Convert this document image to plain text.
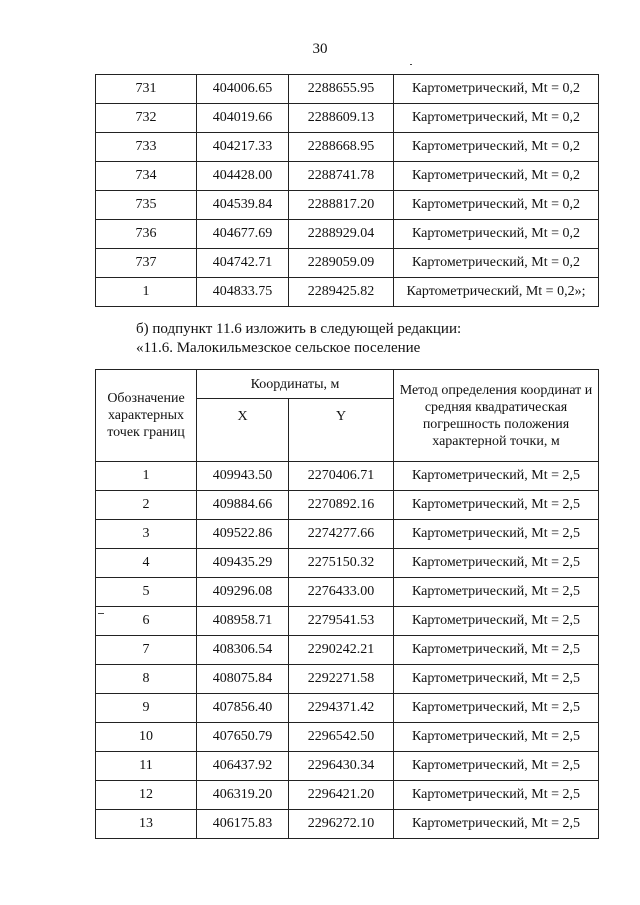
30
731	404006.65	2288655.95	Картометрический, Mt = 0,2
732	404019.66	2288609.13	Картометрический, Mt = 0,2
733	404217.33	2288668.95	Картометрический, Mt = 0,2
734	404428.00	2288741.78	Картометрический, Mt = 0,2
735	404539.84	2288817.20	Картометрический, Mt = 0,2
736	404677.69	2288929.04	Картометрический, Mt = 0,2
737	404742.71	2289059.09	Картометрический, Mt = 0,2
1	404833.75	2289425.82	Картометрический, Mt = 0,2»;
б) подпункт 11.6 изложить в следующей редакции:
«11.6. Малокильмезское сельское поселение
Обозначение характерных точек границ	Координаты, м		Метод определения координат и средняя квадратическая погрешность положения характерной точки, м
	X	Y	
1	409943.50	2270406.71	Картометрический, Mt = 2,5
2	409884.66	2270892.16	Картометрический, Mt = 2,5
3	409522.86	2274277.66	Картометрический, Mt = 2,5
4	409435.29	2275150.32	Картометрический, Mt = 2,5
5	409296.08	2276433.00	Картометрический, Mt = 2,5
6	408958.71	2279541.53	Картометрический, Mt = 2,5
7	408306.54	2290242.21	Картометрический, Mt = 2,5
8	408075.84	2292271.58	Картометрический, Mt = 2,5
9	407856.40	2294371.42	Картометрический, Mt = 2,5
10	407650.79	2296542.50	Картометрический, Mt = 2,5
11	406437.92	2296430.34	Картометрический, Mt = 2,5
12	406319.20	2296421.20	Картометрический, Mt = 2,5
13	406175.83	2296272.10	Картометрический, Mt = 2,5
